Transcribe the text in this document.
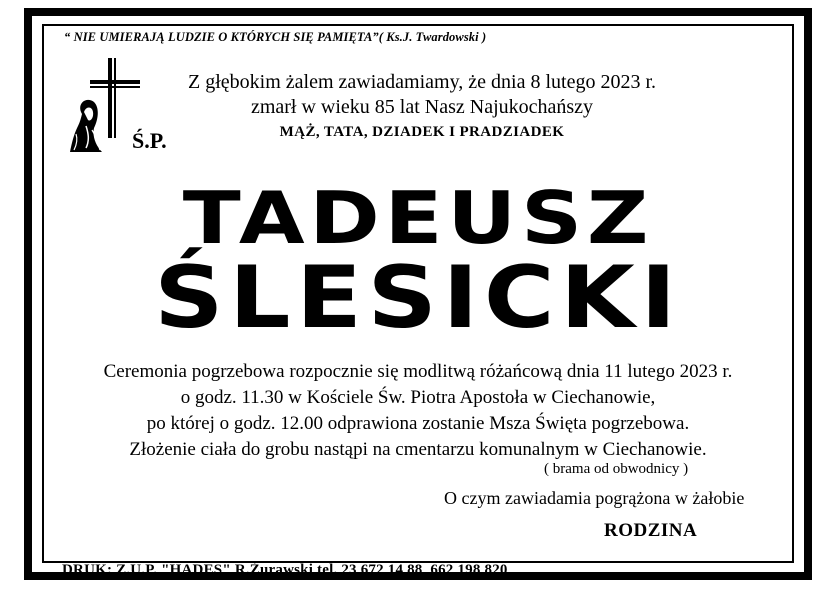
“ NIE UMIERAJĄ LUDZIE O KTÓRYCH SIĘ PAMIĘTA”( Ks.J. Twardowski )
Ś.P.
Z głębokim żalem zawiadamiamy, że dnia 8 lutego 2023 r.
zmarł w wieku 85 lat Nasz Najukochańszy
MĄŻ, TATA, DZIADEK I PRADZIADEK
TADEUSZ
ŚLESICKI
Ceremonia pogrzebowa rozpocznie się modlitwą różańcową dnia 11 lutego 2023 r.
o godz. 11.30 w Kościele Św. Piotra Apostoła w Ciechanowie,
po której o godz. 12.00 odprawiona zostanie Msza Święta pogrzebowa.
Złożenie ciała do grobu nastąpi na cmentarzu komunalnym w Ciechanowie.
( brama od obwodnicy )
O czym zawiadamia pogrążona w żałobie
RODZINA
DRUK: Z.U.P. "HADES" R.Żurawski tel. 23 672 14 88, 662 198 820
